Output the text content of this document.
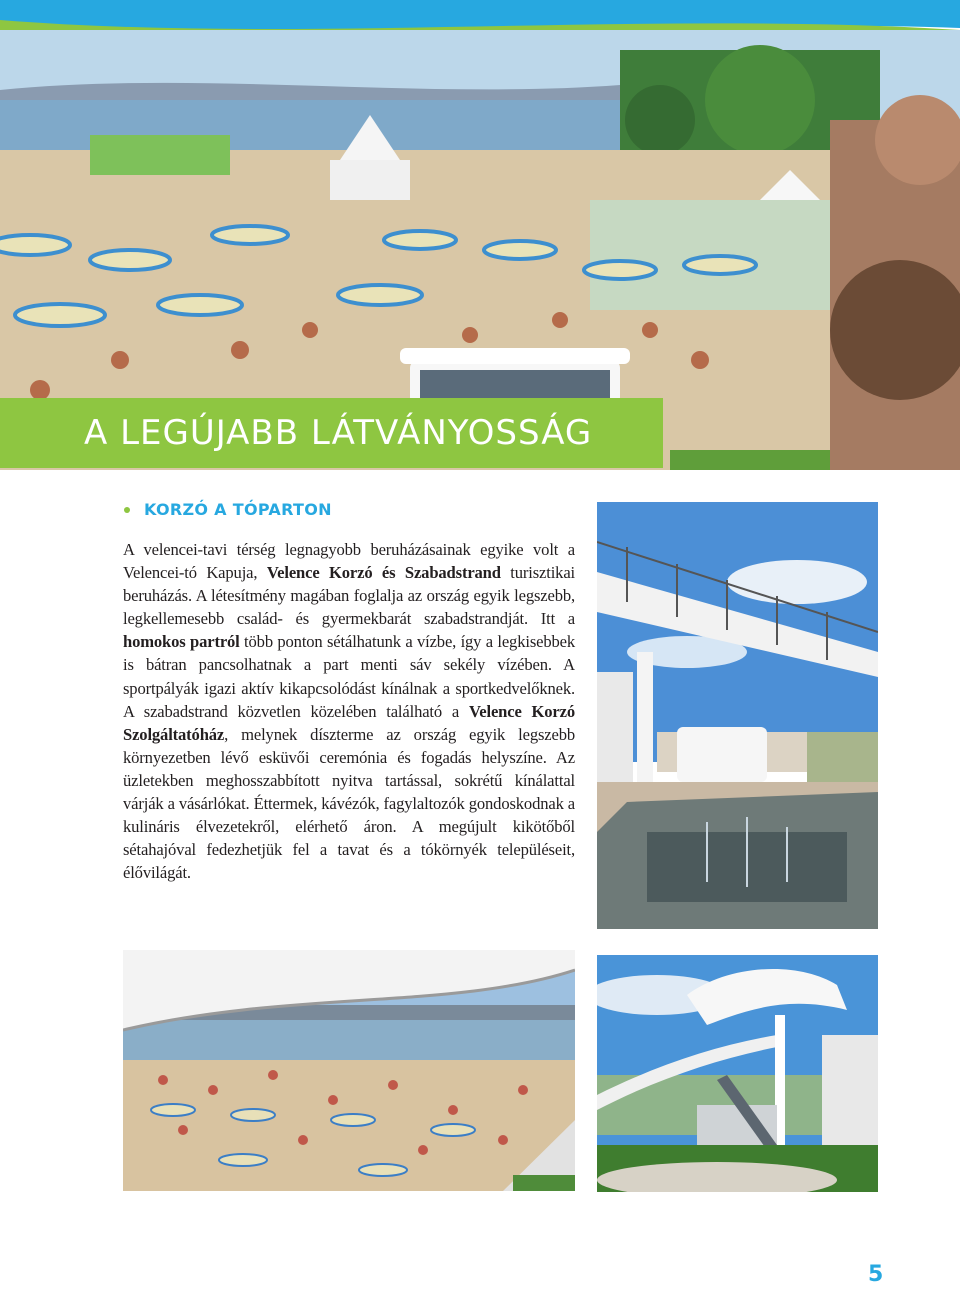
A LEGÚJABB LÁTVÁNYOSSÁG
KORZÓ A TÓPARTON
A velencei-tavi térség legnagyobb beruházásainak egyike volt a Velencei-tó Kapuja, Velence Korzó és Szabadstrand turisztikai beruházás. A létesítmény magában foglalja az ország egyik legszebb, legkellemesebb család- és gyermekbarát szabadstrandját. Itt a homokos partról több ponton sétálhatunk a vízbe, így a legkisebbek is bátran pancsolhatnak a part menti sáv sekély vízében. A sportpályák igazi aktív kikapcsolódást kínálnak a sportkedvelőknek. A szabadstrand közvetlen közelében található a Velence Korzó Szolgáltatóház, melynek díszterme az ország egyik legszebb környezetben lévő esküvői ceremónia és fogadás helyszíne. Az üzletekben meghosszabbított nyitva tartással, sokrétű kínálattal várják a vásárlókat. Éttermek, kávézók, fagylaltozók gondoskodnak a kulináris élvezetekről, elérhető áron. A megújult kikötőből sétahajóval fedezhetjük fel a tavat és a tókörnyék településeit, élővilágát.
5
